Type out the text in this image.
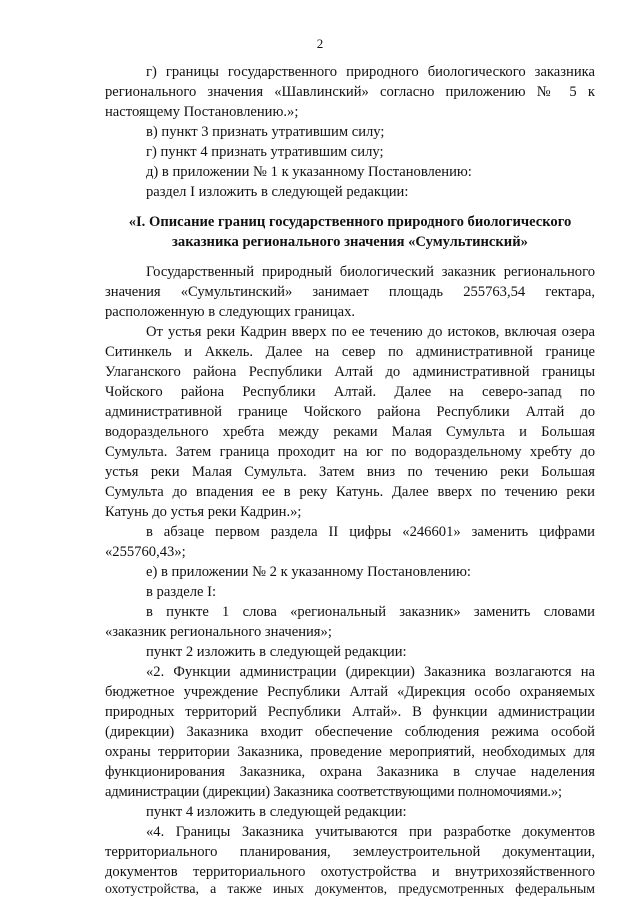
2
г) границы государственного природного биологического заказника
регионального значения «Шавлинский» согласно приложению № 5 к
настоящему Постановлению.»;
в) пункт 3 признать утратившим силу;
г) пункт 4 признать утратившим силу;
д) в приложении № 1 к указанному Постановлению:
раздел I изложить в следующей редакции:
«I. Описание границ государственного природного биологического
заказника регионального значения «Сумультинский»
Государственный природный биологический заказник регионального
значения «Сумультинский» занимает площадь 255763,54 гектара,
расположенную в следующих границах.
От устья реки Кадрин вверх по ее течению до истоков, включая озера
Ситинкель и Аккель. Далее на север по административной границе
Улаганского района Республики Алтай до административной границы
Чойского района Республики Алтай. Далее на северо-запад по
административной границе Чойского района Республики Алтай до
водораздельного хребта между реками Малая Сумульта и Большая
Сумульта. Затем граница проходит на юг по водораздельному хребту до
устья реки Малая Сумульта. Затем вниз по течению реки Большая
Сумульта до впадения ее в реку Катунь. Далее вверх по течению реки
Катунь до устья реки Кадрин.»;
в абзаце первом раздела II цифры «246601» заменить цифрами
«255760,43»;
е) в приложении № 2 к указанному Постановлению:
в разделе I:
в пункте 1 слова «региональный заказник» заменить словами
«заказник регионального значения»;
пункт 2 изложить в следующей редакции:
«2. Функции администрации (дирекции) Заказника возлагаются на
бюджетное учреждение Республики Алтай «Дирекция особо охраняемых
природных территорий Республики Алтай». В функции администрации
(дирекции) Заказника входит обеспечение соблюдения режима особой
охраны территории Заказника, проведение мероприятий, необходимых для
функционирования Заказника, охрана Заказника в случае наделения
администрации (дирекции) Заказника соответствующими полномочиями.»;
пункт 4 изложить в следующей редакции:
«4. Границы Заказника учитываются при разработке документов
территориального планирования, землеустроительной документации,
документов территориального охотустройства и внутрихозяйственного
охотустройства, а также иных документов, предусмотренных федеральным
